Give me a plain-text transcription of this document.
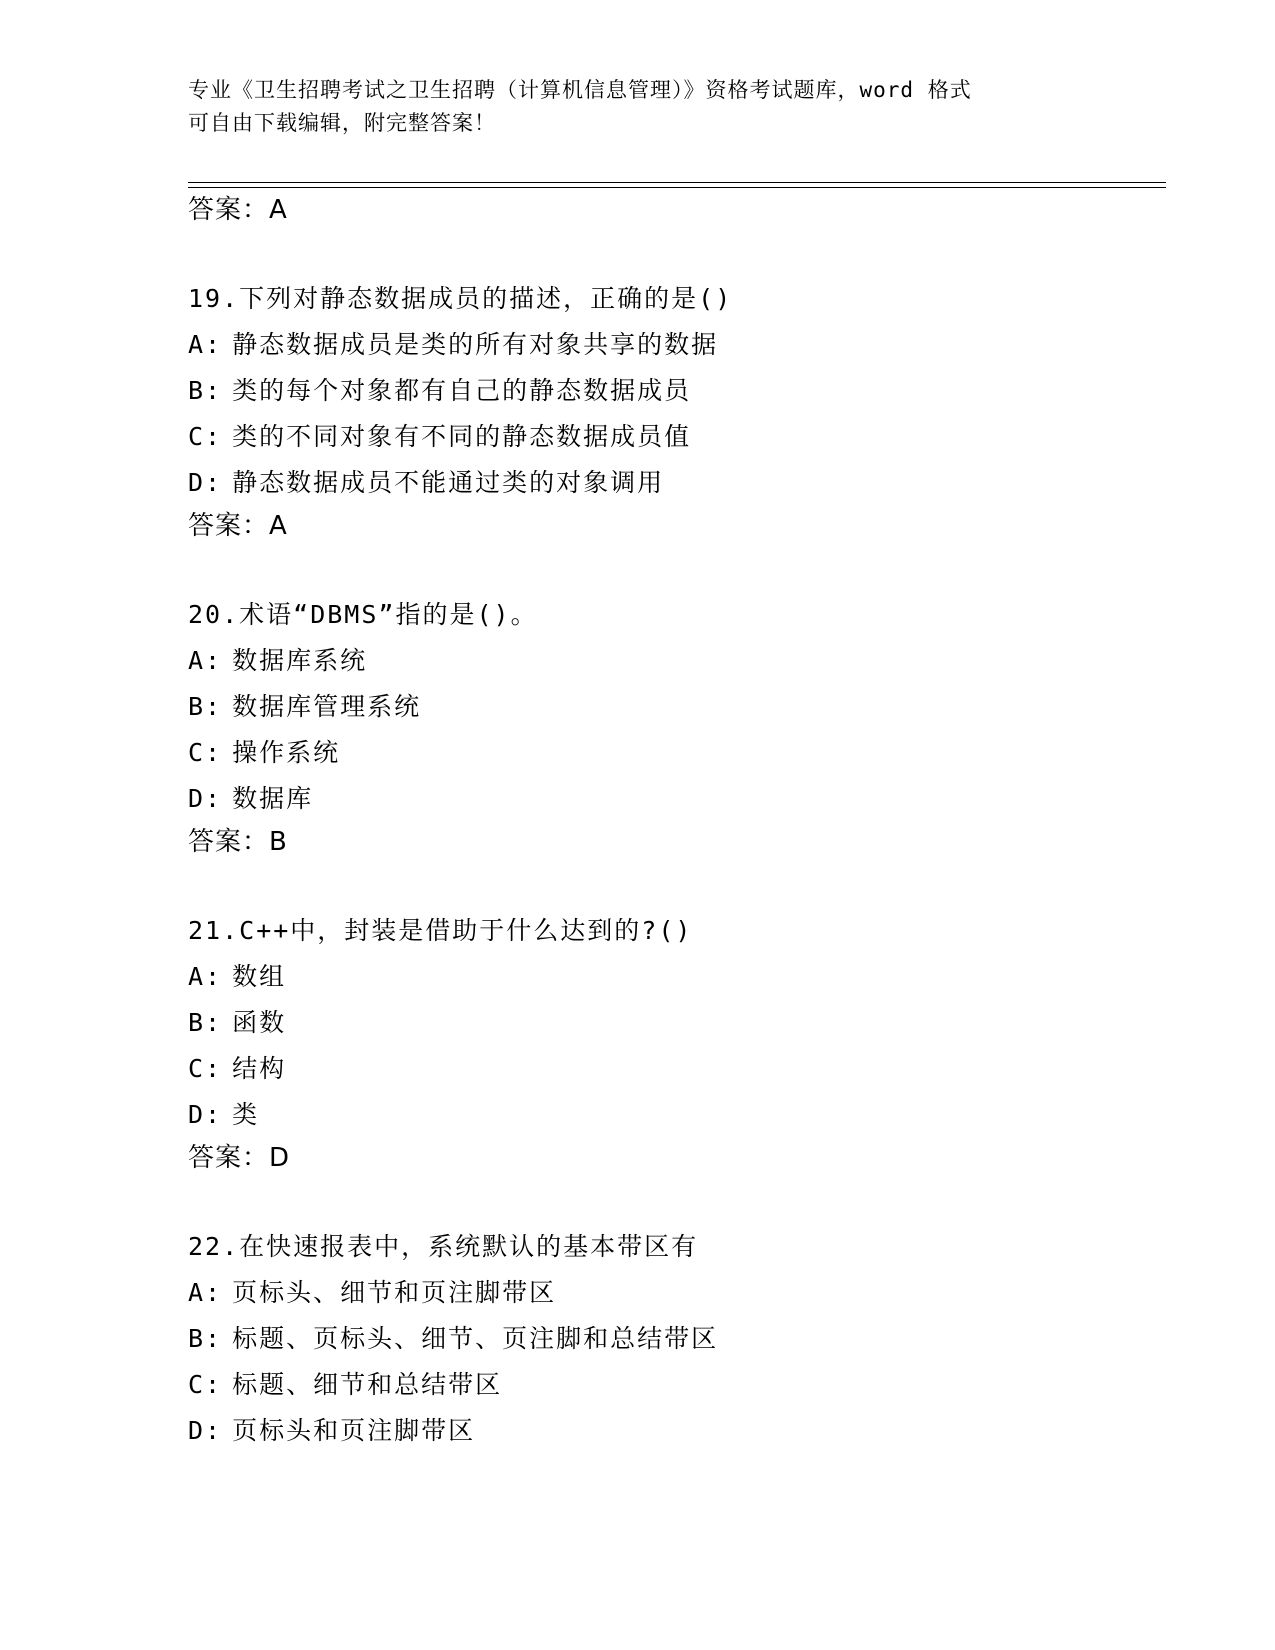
专业《卫生招聘考试之卫生招聘（计算机信息管理）》资格考试题库，word 格式
可自由下载编辑，附完整答案！
答案：A
19.下列对静态数据成员的描述，正确的是()
A: 静态数据成员是类的所有对象共享的数据
B: 类的每个对象都有自己的静态数据成员
C: 类的不同对象有不同的静态数据成员值
D: 静态数据成员不能通过类的对象调用
答案：A
20.术语“DBMS”指的是()。
A: 数据库系统
B: 数据库管理系统
C: 操作系统
D: 数据库
答案：B
21.C++中，封装是借助于什么达到的?()
A: 数组
B: 函数
C: 结构
D: 类
答案：D
22.在快速报表中，系统默认的基本带区有
A: 页标头、细节和页注脚带区
B: 标题、页标头、细节、页注脚和总结带区
C: 标题、细节和总结带区
D: 页标头和页注脚带区
